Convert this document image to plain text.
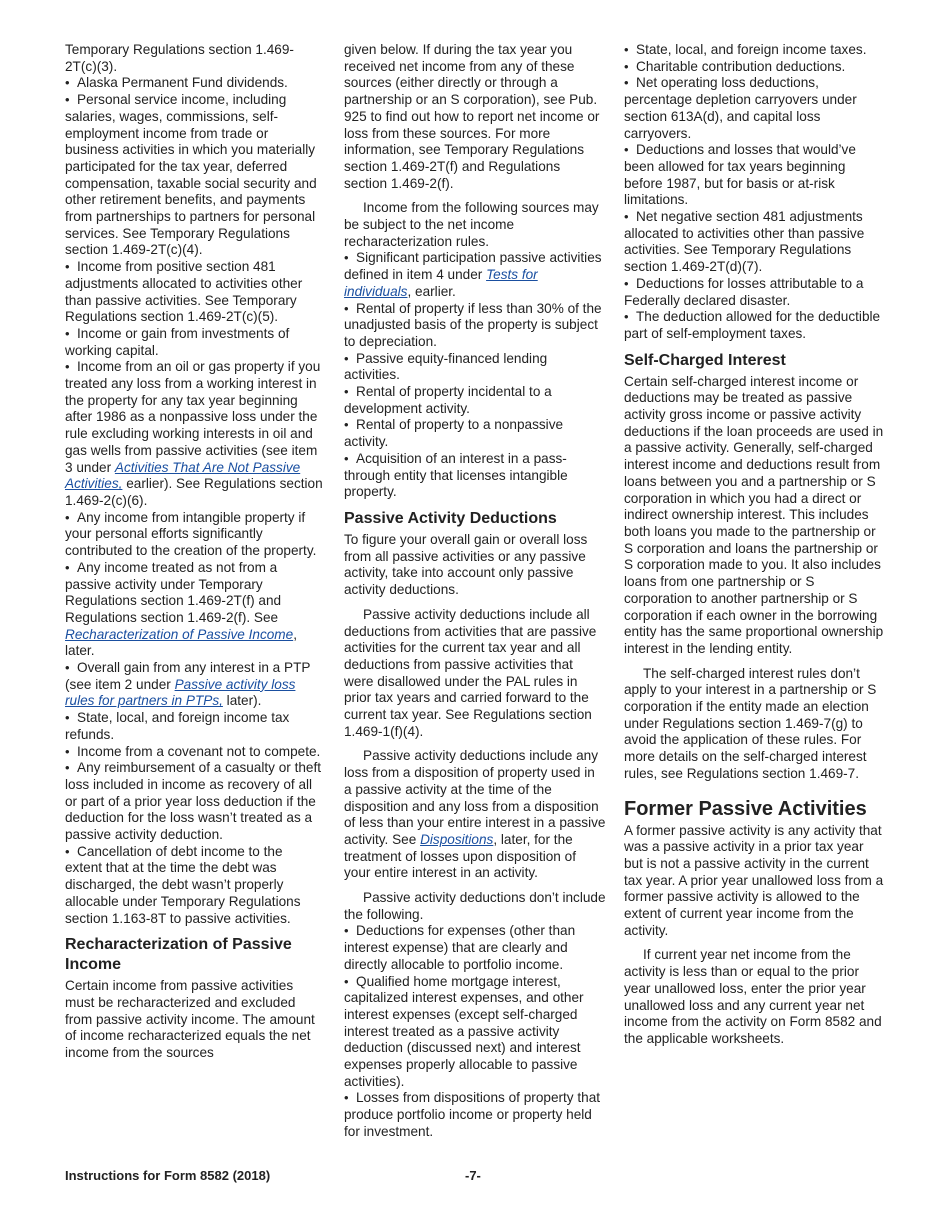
Temporary Regulations section 1.469-2T(c)(3).

• Alaska Permanent Fund dividends.

• Personal service income, including salaries, wages, commissions, self-employment income from trade or business activities in which you materially participated for the tax year, deferred compensation, taxable social security and other retirement benefits, and payments from partnerships to partners for personal services. See Temporary Regulations section 1.469-2T(c)(4).

• Income from positive section 481 adjustments allocated to activities other than passive activities. See Temporary Regulations section 1.469-2T(c)(5).

• Income or gain from investments of working capital.

• Income from an oil or gas property if you treated any loss from a working interest in the property for any tax year beginning after 1986 as a nonpassive loss under the rule excluding working interests in oil and gas wells from passive activities (see item 3 under Activities That Are Not Passive Activities, earlier). See Regulations section 1.469-2(c)(6).

• Any income from intangible property if your personal efforts significantly contributed to the creation of the property.

• Any income treated as not from a passive activity under Temporary Regulations section 1.469-2T(f) and Regulations section 1.469-2(f). See Recharacterization of Passive Income, later.

• Overall gain from any interest in a PTP (see item 2 under Passive activity loss rules for partners in PTPs, later).

• State, local, and foreign income tax refunds.

• Income from a covenant not to compete.

• Any reimbursement of a casualty or theft loss included in income as recovery of all or part of a prior year loss deduction if the deduction for the loss wasn’t treated as a passive activity deduction.

• Cancellation of debt income to the extent that at the time the debt was discharged, the debt wasn’t properly allocable under Temporary Regulations section 1.163-8T to passive activities.

Recharacterization of Passive Income

Certain income from passive activities must be recharacterized and excluded from passive activity income. The amount of income recharacterized equals the net income from the sources

given below. If during the tax year you received net income from any of these sources (either directly or through a partnership or an S corporation), see Pub. 925 to find out how to report net income or loss from these sources. For more information, see Temporary Regulations section 1.469-2T(f) and Regulations section 1.469-2(f).

Income from the following sources may be subject to the net income recharacterization rules.

• Significant participation passive activities defined in item 4 under Tests for individuals, earlier.

• Rental of property if less than 30% of the unadjusted basis of the property is subject to depreciation.

• Passive equity-financed lending activities.

• Rental of property incidental to a development activity.

• Rental of property to a nonpassive activity.

• Acquisition of an interest in a pass-through entity that licenses intangible property.

Passive Activity Deductions

To figure your overall gain or overall loss from all passive activities or any passive activity, take into account only passive activity deductions.

Passive activity deductions include all deductions from activities that are passive activities for the current tax year and all deductions from passive activities that were disallowed under the PAL rules in prior tax years and carried forward to the current tax year. See Regulations section 1.469-1(f)(4).

Passive activity deductions include any loss from a disposition of property used in a passive activity at the time of the disposition and any loss from a disposition of less than your entire interest in a passive activity. See Dispositions, later, for the treatment of losses upon disposition of your entire interest in an activity.

Passive activity deductions don’t include the following.

• Deductions for expenses (other than interest expense) that are clearly and directly allocable to portfolio income.

• Qualified home mortgage interest, capitalized interest expenses, and other interest expenses (except self-charged interest treated as a passive activity deduction (discussed next) and interest expenses properly allocable to passive activities).

• Losses from dispositions of property that produce portfolio income or property held for investment.

• State, local, and foreign income taxes.

• Charitable contribution deductions.

• Net operating loss deductions, percentage depletion carryovers under section 613A(d), and capital loss carryovers.

• Deductions and losses that would’ve been allowed for tax years beginning before 1987, but for basis or at-risk limitations.

• Net negative section 481 adjustments allocated to activities other than passive activities. See Temporary Regulations section 1.469-2T(d)(7).

• Deductions for losses attributable to a Federally declared disaster.

• The deduction allowed for the deductible part of self-employment taxes.

Self-Charged Interest

Certain self-charged interest income or deductions may be treated as passive activity gross income or passive activity deductions if the loan proceeds are used in a passive activity. Generally, self-charged interest income and deductions result from loans between you and a partnership or S corporation in which you had a direct or indirect ownership interest. This includes both loans you made to the partnership or S corporation and loans the partnership or S corporation made to you. It also includes loans from one partnership or S corporation to another partnership or S corporation if each owner in the borrowing entity has the same proportional ownership interest in the lending entity.

The self-charged interest rules don’t apply to your interest in a partnership or S corporation if the entity made an election under Regulations section 1.469-7(g) to avoid the application of these rules. For more details on the self-charged interest rules, see Regulations section 1.469-7.

Former Passive Activities

A former passive activity is any activity that was a passive activity in a prior tax year but is not a passive activity in the current tax year. A prior year unallowed loss from a former passive activity is allowed to the extent of current year income from the activity.

If current year net income from the activity is less than or equal to the prior year unallowed loss, enter the prior year unallowed loss and any current year net income from the activity on Form 8582 and the applicable worksheets.

Instructions for Form 8582 (2018)	-7-
